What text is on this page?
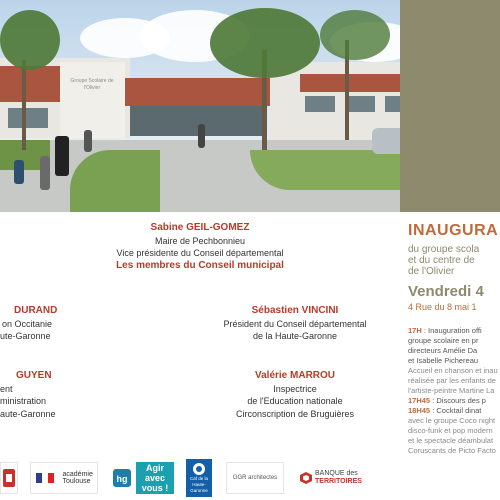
Groupe Scolaire de l'Olivier
INAUGURA
du groupe scola
et du centre de
de l'Olivier
Vendredi 4
4 Rue du 8 mai 1
17H : Inauguration offi
groupe scolaire en pr
directeurs Amélie Da
et Isabelle Pichereau
Accueil en chanson et inau
réalisée par les enfants de
l'artiste-peintre Martine La
17H45 : Discours des p
18H45 : Cocktail dinat
avec le groupe Coco night
disco-funk et pop modern
et le spectacle déambulat
Coruscants de Picto Facto
Sabine GEIL-GOMEZ
Maire de Pechbonnieu
Vice présidente du Conseil départemental
Les membres du Conseil municipal
DURAND
on Occitanie
ute-Garonne
Sébastien VINCINI
Président du Conseil départemental
de la Haute-Garonne
GUYEN
ent
ministration
aute-Garonne
Valérie MARROU
Inspectrice
de l'Education nationale
Circonscription de Bruguières
académie Toulouse	hg
Agir avec vous !
Caf de la Haute-Garonne
GGR architectes
BANQUE des
TERRITOIRES
